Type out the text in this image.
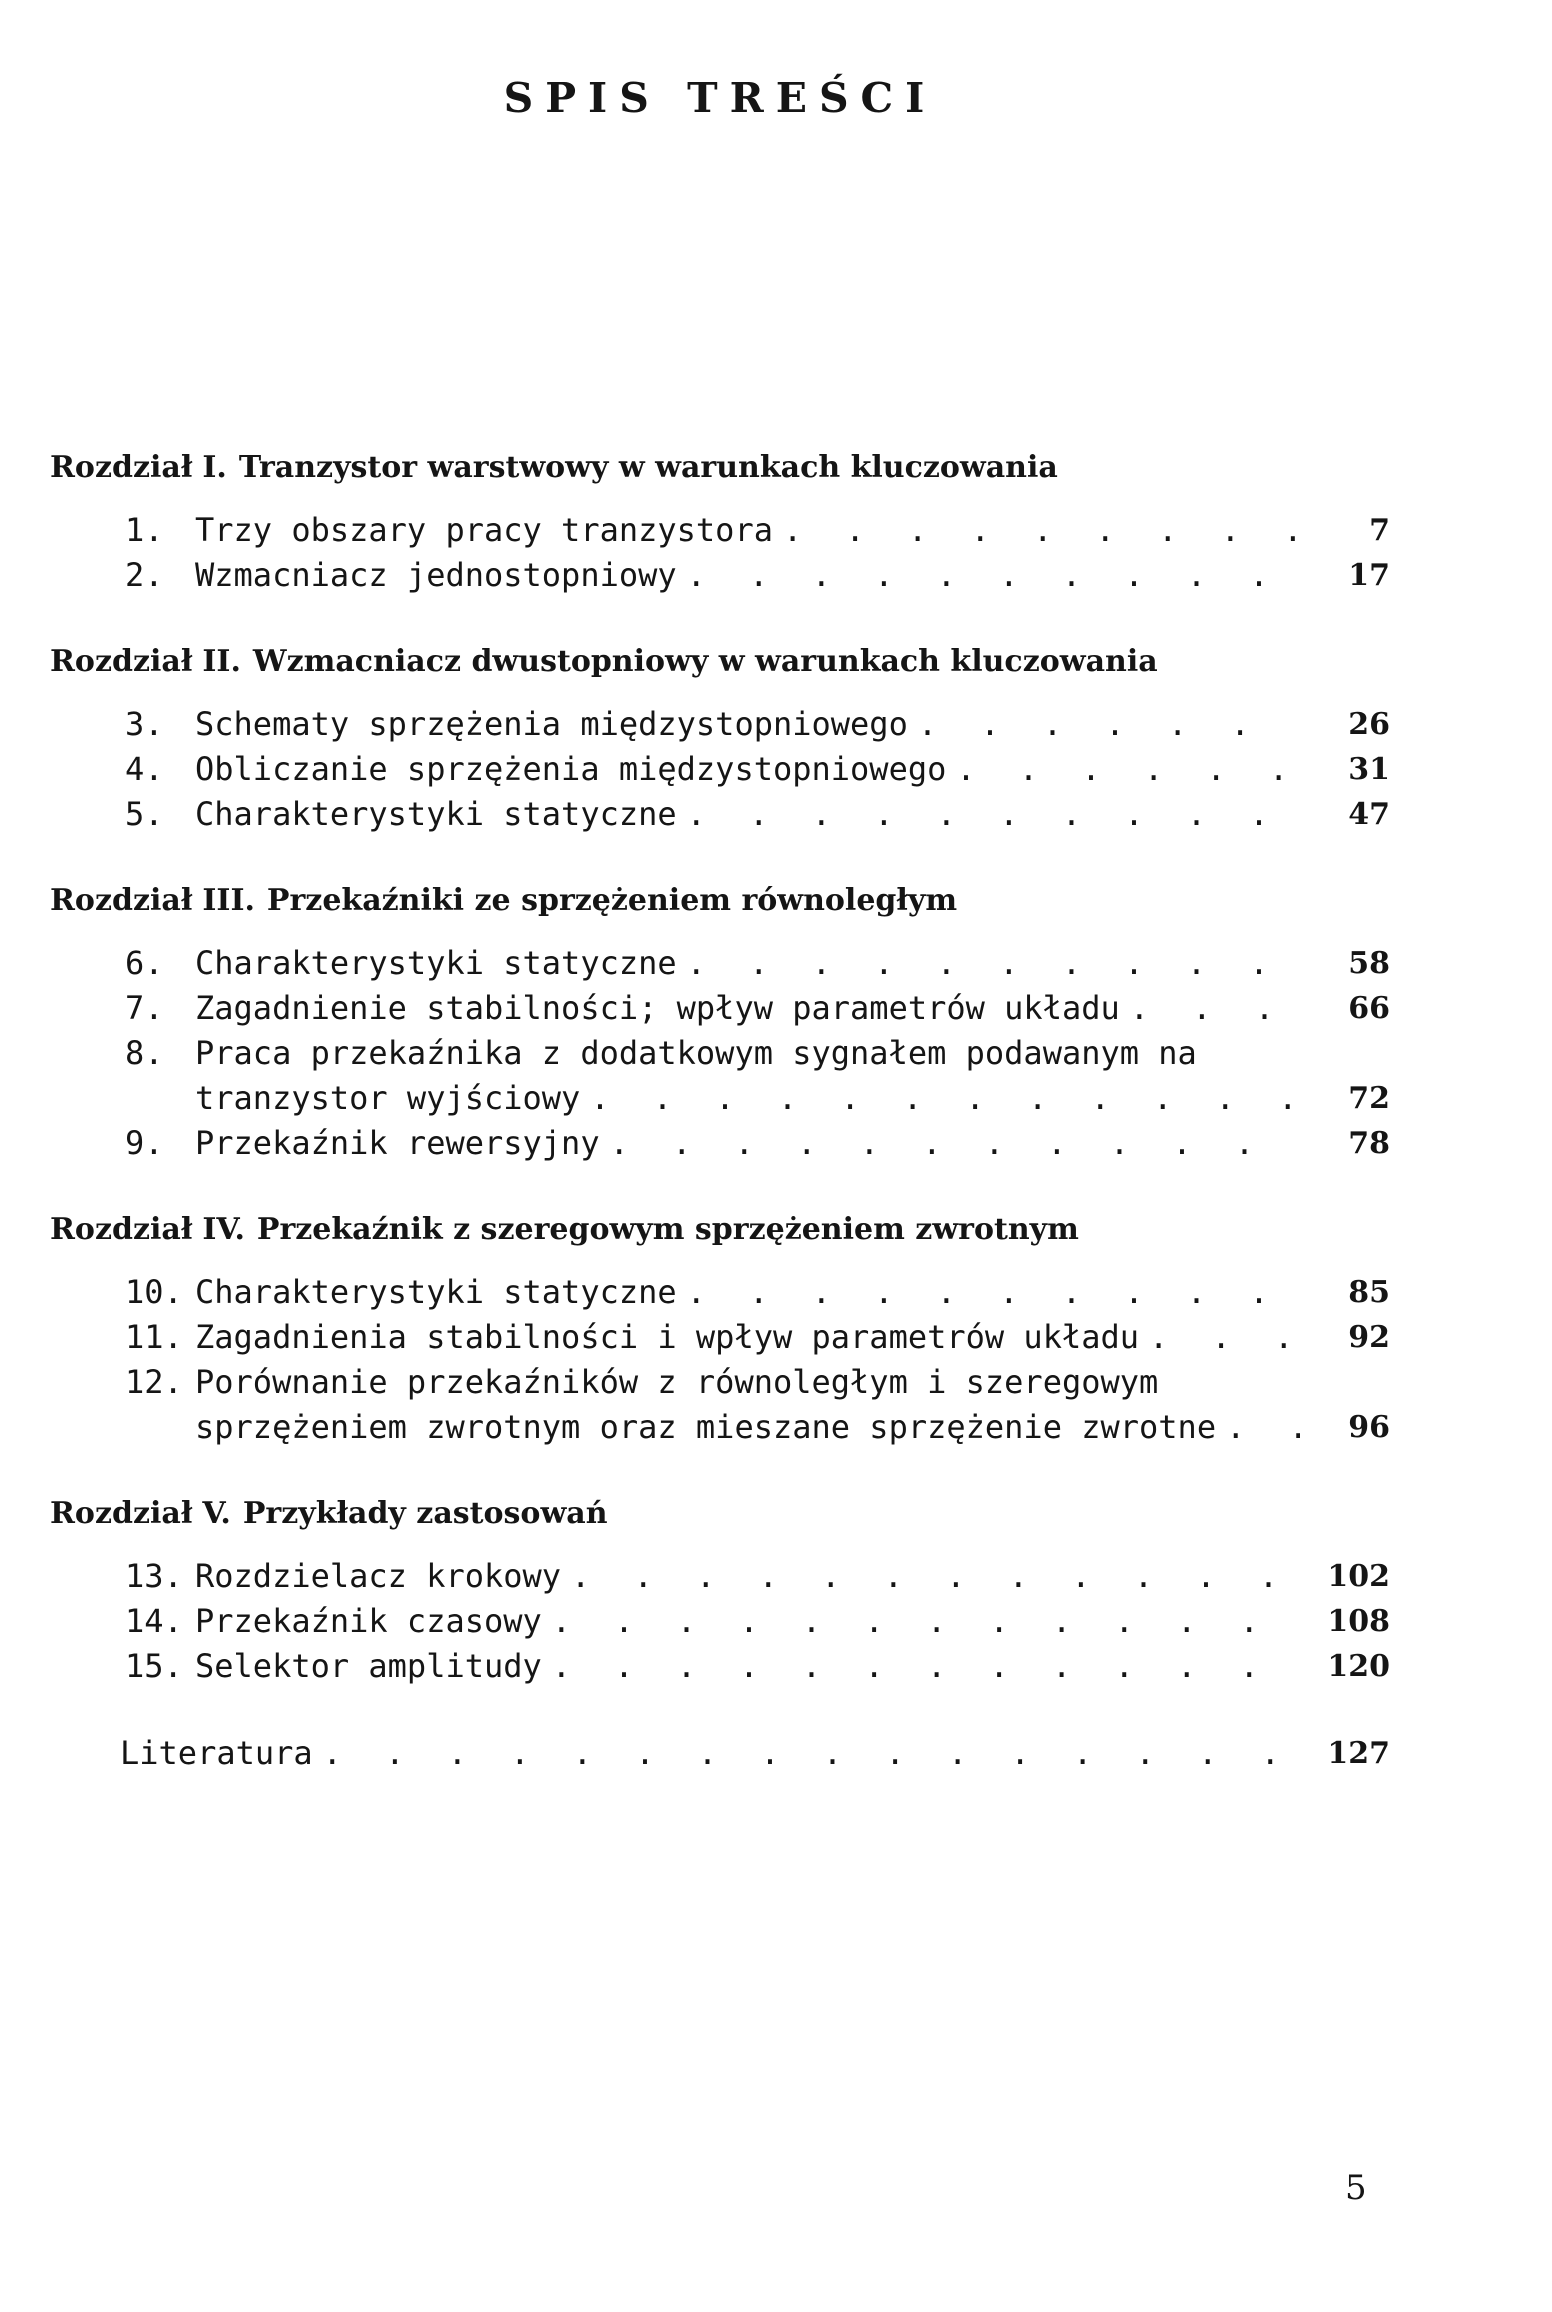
SPIS TREŚCI
Rozdział I. Tranzystor warstwowy w warunkach kluczowania
1. Trzy obszary pracy tranzystora . . .	7
2. Wzmacniacz jednostopniowy . . .	17
Rozdział II. Wzmacniacz dwustopniowy w warunkach kluczowania
3. Schematy sprzężenia międzystopniowego . . .	26
4. Obliczanie sprzężenia międzystopniowego . . .	31
5. Charakterystyki statyczne . . .	47
Rozdział III. Przekaźniki ze sprzężeniem równoległym
6. Charakterystyki statyczne . . .	58
7. Zagadnienie stabilności; wpływ parametrów układu . . .	66
8. Praca przekaźnika z dodatkowym sygnałem podawanym na
tranzystor wyjściowy . . .	72
9. Przekaźnik rewersyjny . . .	78
Rozdział IV. Przekaźnik z szeregowym sprzężeniem zwrotnym
10. Charakterystyki statyczne . . .	85
11. Zagadnienia stabilności i wpływ parametrów układu . . .	92
12. Porównanie przekaźników z równoległym i szeregowym
sprzężeniem zwrotnym oraz mieszane sprzężenie zwrotne . . .	96
Rozdział V. Przykłady zastosowań
13. Rozdzielacz krokowy . . .	102
14. Przekaźnik czasowy . . .	108
15. Selektor amplitudy . . .	120
Literatura . . .	127
5
